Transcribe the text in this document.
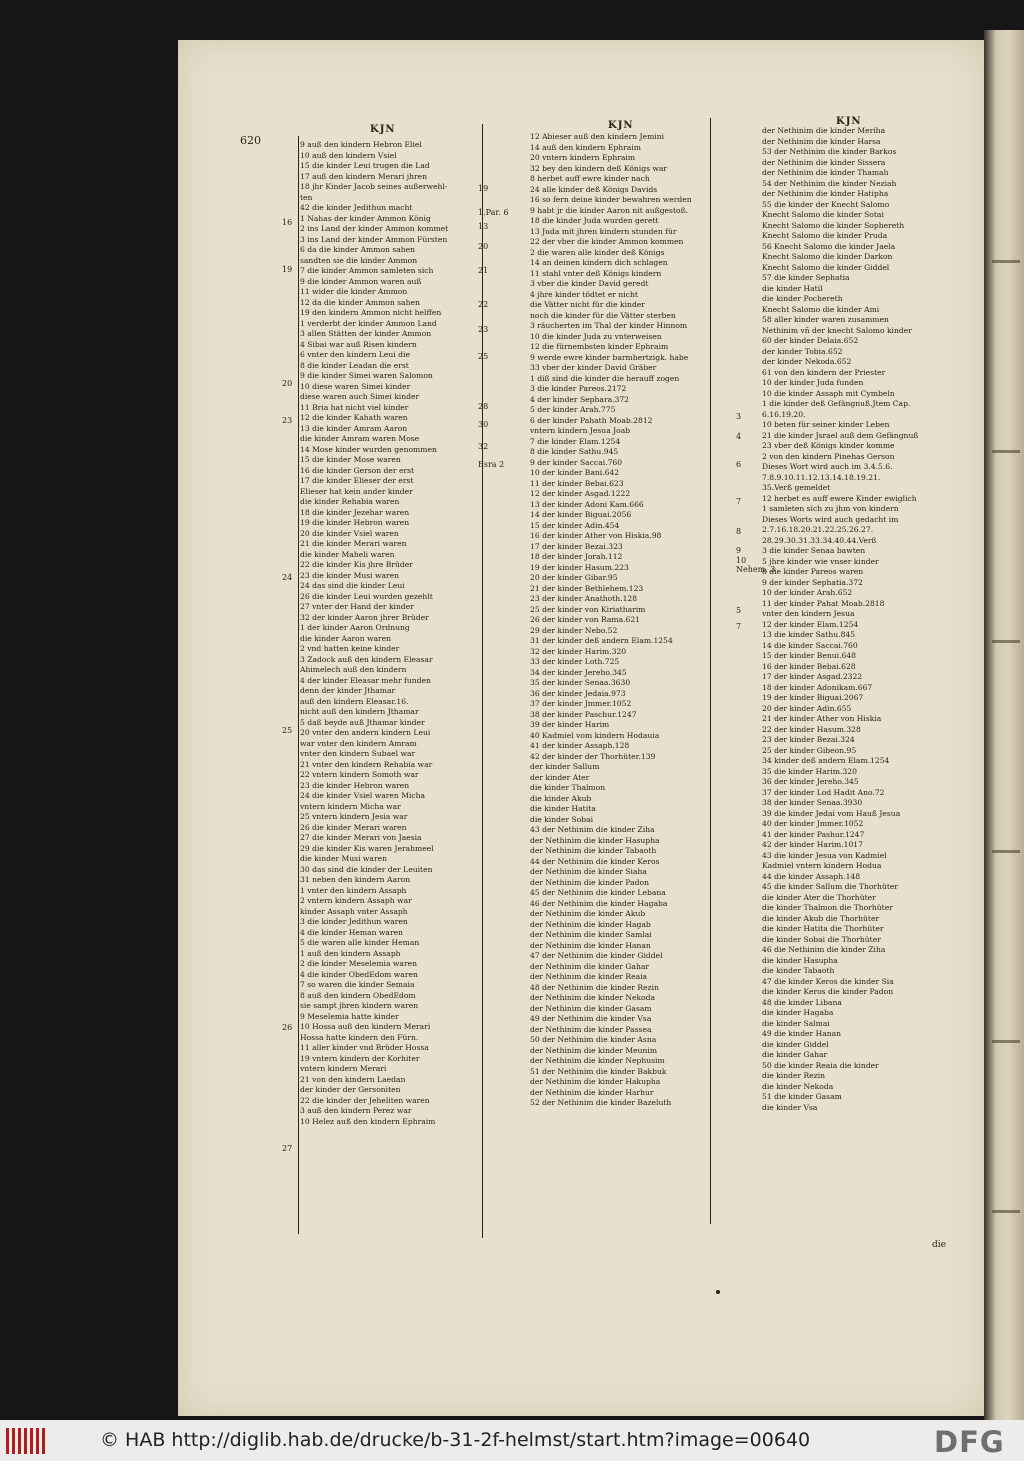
620
KJN	KJN	KJN
9 auß den kindern Hebron Eliel
10 auß den kindern Vsiel
15 die kinder Leui trugen die Lad
17 auß den kindern Merari jhren
18 jhr Kinder Jacob seines außerwehl-
ten
42 die kinder Jedithun macht
1 Nahas der kinder Ammon König
2 ins Land der kinder Ammon kommet
3 ins Land der kinder Ammon Fürsten
6 da die kinder Ammon sahen
sandten sie die kinder Ammon
7 die kinder Ammon samleten sich
9 die kinder Ammon waren auß
11 wider die kinder Ammon
12 da die kinder Ammon sahen
19 den kindern Ammon nicht helffen
1 verderbt der kinder Ammon Land
3 allen Stätten der kinder Ammon
4 Sibai war auß Risen kindern
6 vnter den kindern Leui die
8 die kinder Leadan die erst
9 die kinder Simei waren Salomon
10 diese waren Simei kinder
diese waren auch Simei kinder
11 Bria hat nicht viel kinder
12 die kinder Kahath waren
13 die kinder Amram Aaron
die kinder Amram waren Mose
14 Mose kinder wurden genommen
15 die kinder Mose waren
16 die kinder Gerson der erst
17 die kinder Elieser der erst
Elieser hat kein ander kinder
die kinder Rehabia waren
18 die kinder Jezehar waren
19 die kinder Hebron waren
20 die kinder Vsiel waren
21 die kinder Merari waren
die kinder Maheli waren
22 die kinder Kis jhre Brüder
23 die kinder Musi waren
24 das sind die kinder Leui
26 die kinder Leui wurden gezehlt
27 vnter der Hand der kinder
32 der kinder Aaron jhrer Brüder
1 der kinder Aaron Ordnung
die kinder Aaron waren
2 vnd hatten keine kinder
3 Zadock auß den kindern Eleasar
Ahimelech auß den kindern
4 der kinder Eleasar mehr funden
denn der kinder Jthamar
auß den kindern Eleasar.16.
nicht auß den kindern Jthamar
5 daß beyde auß Jthamar kinder
20 vnter den andern kindern Leui
war vnter den kindern Amram
vnter den kindern Subael war
21 vnter den kindern Rehabia war
22 vntern kindern Somoth war
23 die kinder Hebron waren
24 die kinder Vsiel waren Micha
vntern kindern Micha war
25 vntern kindern Jesia war
26 die kinder Merari waren
27 die kinder Merari von Jaesia
29 die kinder Kis waren Jerahmeel
die kinder Musi waren
30 das sind die kinder der Leuiten
31 neben den kindern Aaron
1 vnter den kindern Assaph
2 vntern kindern Assaph war
kinder Assaph vnter Assaph
3 die kinder Jedithun waren
4 die kinder Heman waren
5 die waren alle kinder Heman
1 auß den kindern Assaph
2 die kinder Meselemia waren
4 die kinder ObedEdom waren
7 so waren die kinder Semaia
8 auß den kindern ObedEdom
sie sampt jhren kindern waren
9 Meselemia hatte kinder
10 Hossa auß den kindern Merari
Hossa hatte kindern den Fürn.
11 aller kinder vnd Brüder Hossa
19 vntern kindern der Korhiter
vntern kindern Merari
21 von den kindern Laedan
der kinder der Gersoniten
22 die kinder der Jeheliten waren
3 auß den kindern Perez war
10 Helez auß den kindern Ephraim
12 Abieser auß den kindern Jemini
14 auß den kindern Ephraim
20 vntern kindern Ephraim
32 bey den kindern deß Königs war
8 herbet auff ewre kinder nach
24 alle kinder deß Königs Davids
16 so fern deine kinder bewahren werden
9 habt jr die kinder Aaron nit außgestoß.
18 die kinder Juda wurden gerett
13 Juda mit jhren kindern stunden für
22 der vber die kinder Ammon kommen
2 die waren alle kinder deß Königs
14 an deinen kindern dich schlagen
11 stahl vnter deß Königs kindern
3 vber die kinder David geredt
4 jhre kinder tödtet er nicht
die Vätter nicht für die kinder
noch die kinder für die Vätter sterben
3 räucherten im Thal der kinder Hinnom
10 die kinder Juda zu vnterweisen
12 die fürnembsten kinder Ephraim
9 werde ewre kinder barmhertzigk. habe
33 vber der kinder David Gräber
1 diß sind die kinder die herauff zogen
3 die kinder Pareos.2172
4 der kinder Sephara.372
5 der kinder Arah.775
6 der kinder Pahath Moab.2812
vntern kindern Jesua Joab
7 die kinder Elam.1254
8 die kinder Sathu.945
9 der kinder Saccai.760
10 der kinder Bani.642
11 der kinder Bebai.623
12 der kinder Asgad.1222
13 der kinder Adoni Kam.666
14 der kinder Biguai.2056
15 der kinder Adin.454
16 der kinder Ather von Hiskia.98
17 der kinder Bezai.323
18 der kinder Jorah.112
19 der kinder Hasum.223
20 der kinder Gibar.95
21 der kinder Bethlehem.123
23 der kinder Anathoth.128
25 der kinder von Kiriatharim
26 der kinder von Rama.621
29 der kinder Nebo.52
31 der kinder deß andern Elam.1254
32 der kinder Harim.320
33 der kinder Loth.725
34 der kinder Jereho.345
35 der kinder Senaa.3630
36 der kinder Jedaia.973
37 der kinder Jmmer.1052
38 der kinder Paschur.1247
39 der kinder Harim
40 Kadmiel vom kindern Hodauia
41 der kinder Assaph.128
42 der kinder der Thorhüter.139
der kinder Sallum
der kinder Ater
die kinder Thalmon
die kinder Akub
die kinder Hatita
die kinder Sobai
43 der Nethinim die kinder Ziha
der Nethinim die kinder Hasupha
der Nethinim die kinder Tabaoth
44 der Nethinim die kinder Keros
der Nethinim die kinder Siaha
der Nethinim die kinder Padon
45 der Nethinim die kinder Lebana
46 der Nethinim die kinder Hagaba
der Nethinim die kinder Akub
der Nethinim die kinder Hagab
der Nethinim die kinder Samlai
der Nethinim die kinder Hanan
47 der Nethinim die kinder Giddel
der Nethinim die kinder Gahar
der Nethinim die kinder Reaia
48 der Nethinim die kinder Rezin
der Nethinim die kinder Nekoda
der Nethinim die kinder Gasam
49 der Nethinim die kinder Vsa
der Nethinim die kinder Passea
50 der Nethinim die kinder Asna
der Nethinim die kinder Meunim
der Nethinim die kinder Nephusim
51 der Nethinim die kinder Bakbuk
der Nethinim die kinder Hakupha
der Nethinim die kinder Harhur
52 der Nethinim die kinder Bazeluth
der Nethinim die kinder Meriha
der Nethinim die kinder Harsa
53 der Nethinim die kinder Barkos
der Nethinim die kinder Sissera
der Nethinim die kinder Thamah
54 der Nethinim die kinder Neziah
der Nethinim die kinder Hatipha
55 die kinder der Knecht Salomo
Knecht Salomo die kinder Sotai
Knecht Salomo die kinder Sophereth
Knecht Salomo die kinder Pruda
56 Knecht Salomo die kinder Jaela
Knecht Salomo die kinder Darkon
Knecht Salomo die kinder Giddel
57 die kinder Sephatia
die kinder Hatil
die kinder Pochereth
Knecht Salomo die kinder Ami
58 aller kinder waren zusammen
Nethinim vñ der knecht Salomo kinder
60 der kinder Delaia.652
der kinder Tobia.652
der kinder Nekoda.652
61 von den kindern der Priester
10 der kinder Juda funden
10 die kinder Assaph mit Cymbeln
1 die kinder deß Gefängnuß.Jtem Cap.
6.16.19.20.
10 beten für seiner kinder Leben
21 die kinder Jsrael auß dem Gefängnuß
23 vber deß Königs kinder komme
2 von den kindern Pinehas Gerson
Dieses Wort wird auch im 3.4.5.6.
7.8.9.10.11.12.13.14.18.19.21.
35.Verß gemeldet
12 herbet es auff ewere Kinder ewiglich
1 samleten sich zu jhm von kindern
Dieses Worts wird auch gedacht im
2.7.16.18.20.21.22.25.26.27.
28.29.30.31.33.34.40.44.Verß
3 die kinder Senaa bawten
5 jhre kinder wie vnser kinder
8 die kinder Pareos waren
9 der kinder Sephatia.372
10 der kinder Arah.652
11 der kinder Pahat Moab.2818
vnter den kindern Jesua
12 der kinder Elam.1254
13 die kinder Sathu.845
14 die kinder Saccai.760
15 der kinder Benui.648
16 der kinder Bebai.628
17 der kinder Asgad.2322
18 der kinder Adonikam.667
19 der kinder Biguai.2067
20 der kinder Adin.655
21 der kinder Ather von Hiskia
22 der kinder Hasum.328
23 der kinder Bezai.324
25 der kinder Gibeon.95
34 kinder deß andern Elam.1254
35 die kinder Harim.320
36 der kinder Jereho.345
37 der kinder Lod Hadit Ano.72
38 der kinder Senaa.3930
39 die kinder Jedai vom Hauß Jesua
40 der kinder Jmmer.1052
41 der kinder Pashur.1247
42 der kinder Harim.1017
43 die kinder Jesua von Kadmiel
Kadmiel vntern kindern Hodua
44 die kinder Assaph.148
45 die kinder Sallum die Thorhüter
die kinder Ater die Thorhüter
die kinder Thalmon die Thorhüter
die kinder Akub die Thorhüter
die kinder Hatita die Thorhüter
die kinder Sobai die Thorhüter
46 die Nethinim die kinder Ziha
die kinder Hasupha
die kinder Tabaoth
47 die kinder Keros die kinder Sia
die kinder Keros die kinder Padon
48 die kinder Libana
die kinder Hagaba
die kinder Salmai
49 die kinder Hanan
die kinder Giddel
die kinder Gahar
50 die kinder Reaia die kinder
die kinder Rezin
die kinder Nekoda
51 die kinder Gasam
die kinder Vsa
16
19
20
23
24
25
26
27
19
1.Par. 6
13
20
21
22
23
25
28
30
32
Esra 2
3
4
6
7
8
9
10
Nehem. 3
5
7
die
© HAB http://diglib.hab.de/drucke/b-31-2f-helmst/start.htm?image=00640	DFG
